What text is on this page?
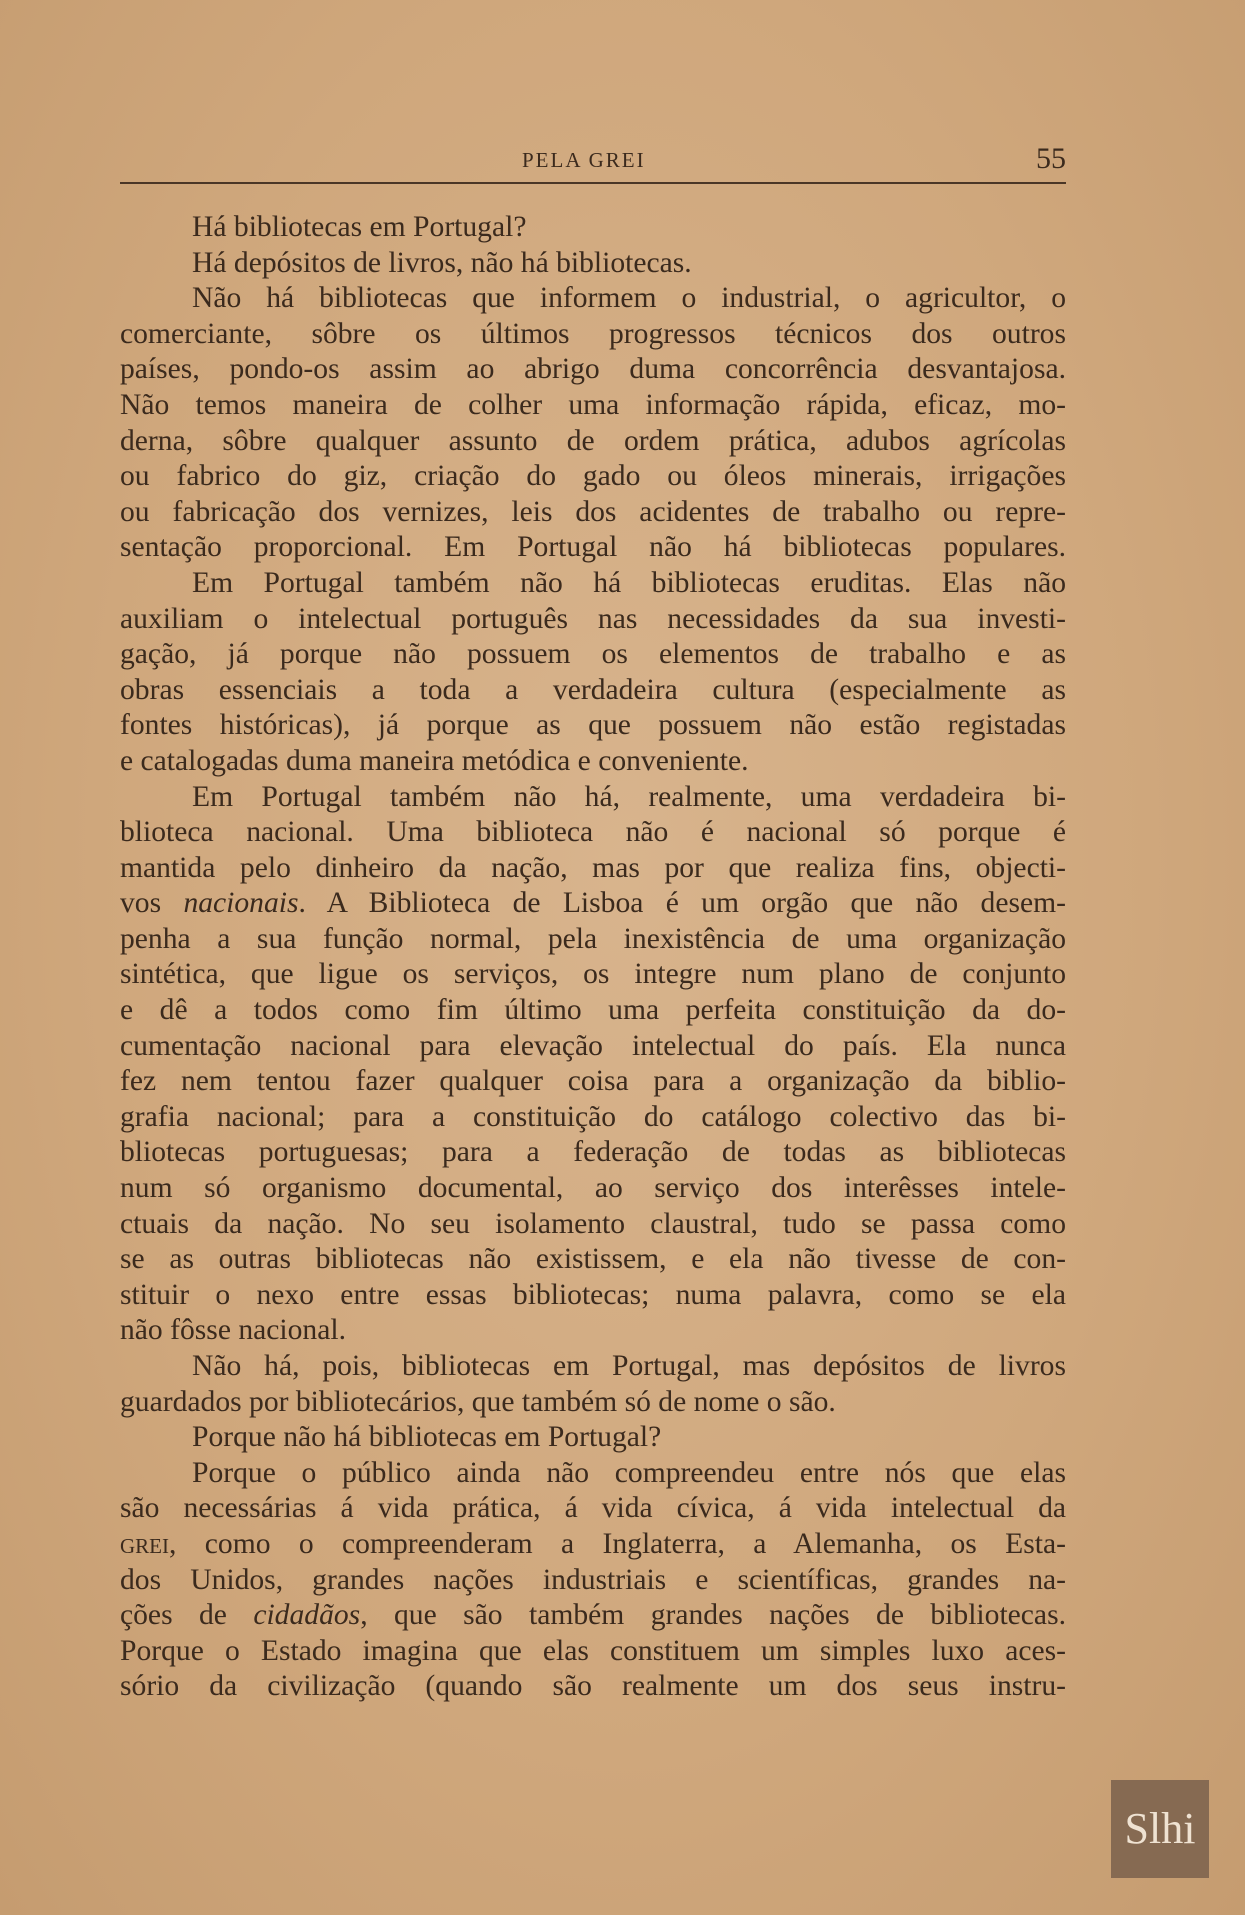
PELA GREI	55
Há bibliotecas em Portugal?
Há depósitos de livros, não há bibliotecas.
Não há bibliotecas que informem o industrial, o agricultor, o
comerciante, sôbre os últimos progressos técnicos dos outros
países, pondo-os assim ao abrigo duma concorrência desvantajosa.
Não temos maneira de colher uma informação rápida, eficaz, mo-
derna, sôbre qualquer assunto de ordem prática, adubos agrícolas
ou fabrico do giz, criação do gado ou óleos minerais, irrigações
ou fabricação dos vernizes, leis dos acidentes de trabalho ou repre-
sentação proporcional. Em Portugal não há bibliotecas populares.
Em Portugal também não há bibliotecas eruditas. Elas não
auxiliam o intelectual português nas necessidades da sua investi-
gação, já porque não possuem os elementos de trabalho e as
obras essenciais a toda a verdadeira cultura (especialmente as
fontes históricas), já porque as que possuem não estão registadas
e catalogadas duma maneira metódica e conveniente.
Em Portugal também não há, realmente, uma verdadeira bi-
blioteca nacional. Uma biblioteca não é nacional só porque é
mantida pelo dinheiro da nação, mas por que realiza fins, objecti-
vos nacionais. A Biblioteca de Lisboa é um orgão que não desem-
penha a sua função normal, pela inexistência de uma organização
sintética, que ligue os serviços, os integre num plano de conjunto
e dê a todos como fim último uma perfeita constituição da do-
cumentação nacional para elevação intelectual do país. Ela nunca
fez nem tentou fazer qualquer coisa para a organização da biblio-
grafia nacional; para a constituição do catálogo colectivo das bi-
bliotecas portuguesas; para a federação de todas as bibliotecas
num só organismo documental, ao serviço dos interêsses intele-
ctuais da nação. No seu isolamento claustral, tudo se passa como
se as outras bibliotecas não existissem, e ela não tivesse de con-
stituir o nexo entre essas bibliotecas; numa palavra, como se ela
não fôsse nacional.
Não há, pois, bibliotecas em Portugal, mas depósitos de livros
guardados por bibliotecários, que também só de nome o são.
Porque não há bibliotecas em Portugal?
Porque o público ainda não compreendeu entre nós que elas
são necessárias á vida prática, á vida cívica, á vida intelectual da
grei, como o compreenderam a Inglaterra, a Alemanha, os Esta-
dos Unidos, grandes nações industriais e scientíficas, grandes na-
ções de cidadãos, que são também grandes nações de bibliotecas.
Porque o Estado imagina que elas constituem um simples luxo aces-
sório da civilização (quando são realmente um dos seus instru-
Slhi
